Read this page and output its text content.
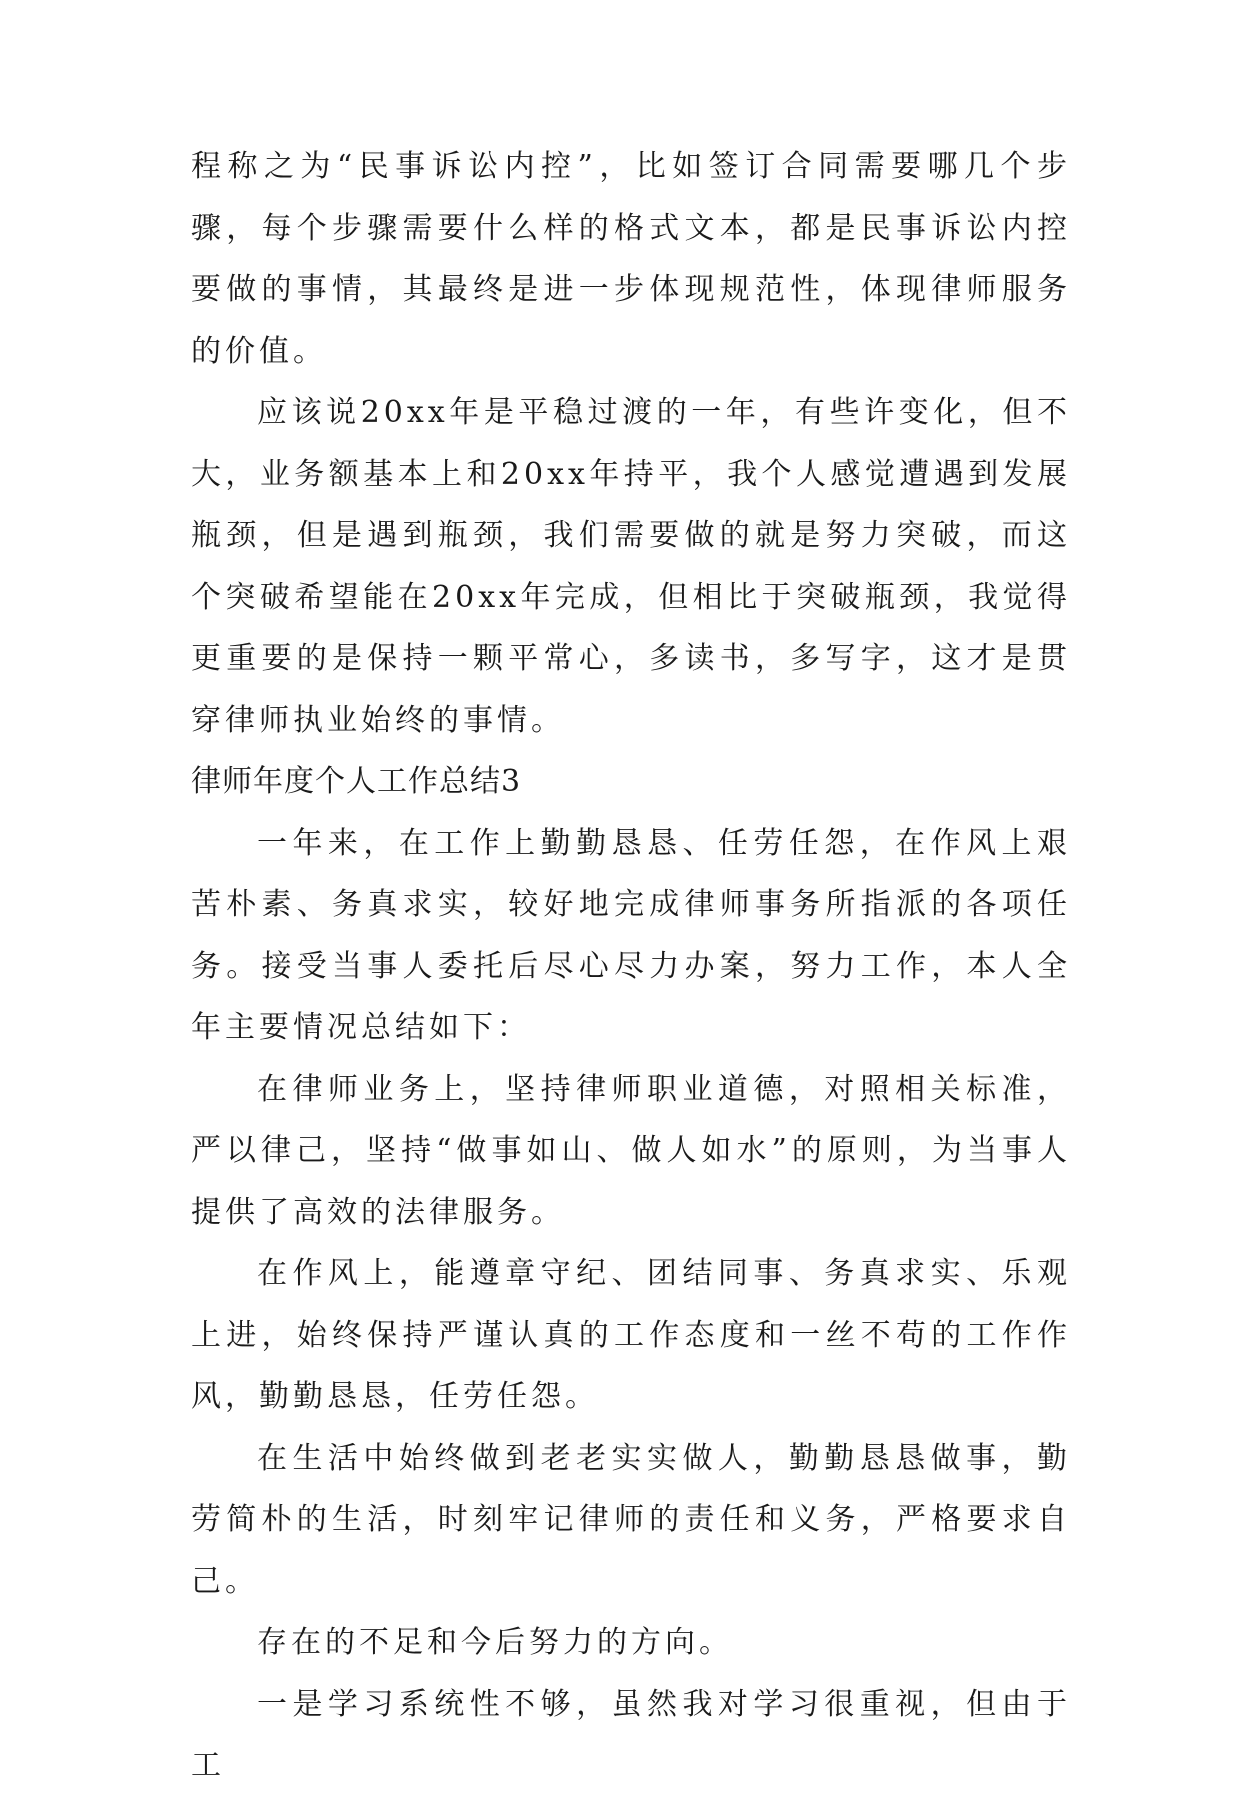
程称之为“民事诉讼内控”，比如签订合同需要哪几个步骤，每个步骤需要什么样的格式文本，都是民事诉讼内控要做的事情，其最终是进一步体现规范性，体现律师服务的价值。

应该说20xx年是平稳过渡的一年，有些许变化，但不大，业务额基本上和20xx年持平，我个人感觉遭遇到发展瓶颈，但是遇到瓶颈，我们需要做的就是努力突破，而这个突破希望能在20xx年完成，但相比于突破瓶颈，我觉得更重要的是保持一颗平常心，多读书，多写字，这才是贯穿律师执业始终的事情。

律师年度个人工作总结3

一年来，在工作上勤勤恳恳、任劳任怨，在作风上艰苦朴素、务真求实，较好地完成律师事务所指派的各项任务。接受当事人委托后尽心尽力办案，努力工作，本人全年主要情况总结如下：

在律师业务上，坚持律师职业道德，对照相关标准，严以律己，坚持“做事如山、做人如水”的原则，为当事人提供了高效的法律服务。

在作风上，能遵章守纪、团结同事、务真求实、乐观上进，始终保持严谨认真的工作态度和一丝不苟的工作作风，勤勤恳恳，任劳任怨。

在生活中始终做到老老实实做人，勤勤恳恳做事，勤劳简朴的生活，时刻牢记律师的责任和义务，严格要求自己。

存在的不足和今后努力的方向。

一是学习系统性不够，虽然我对学习很重视，但由于工
